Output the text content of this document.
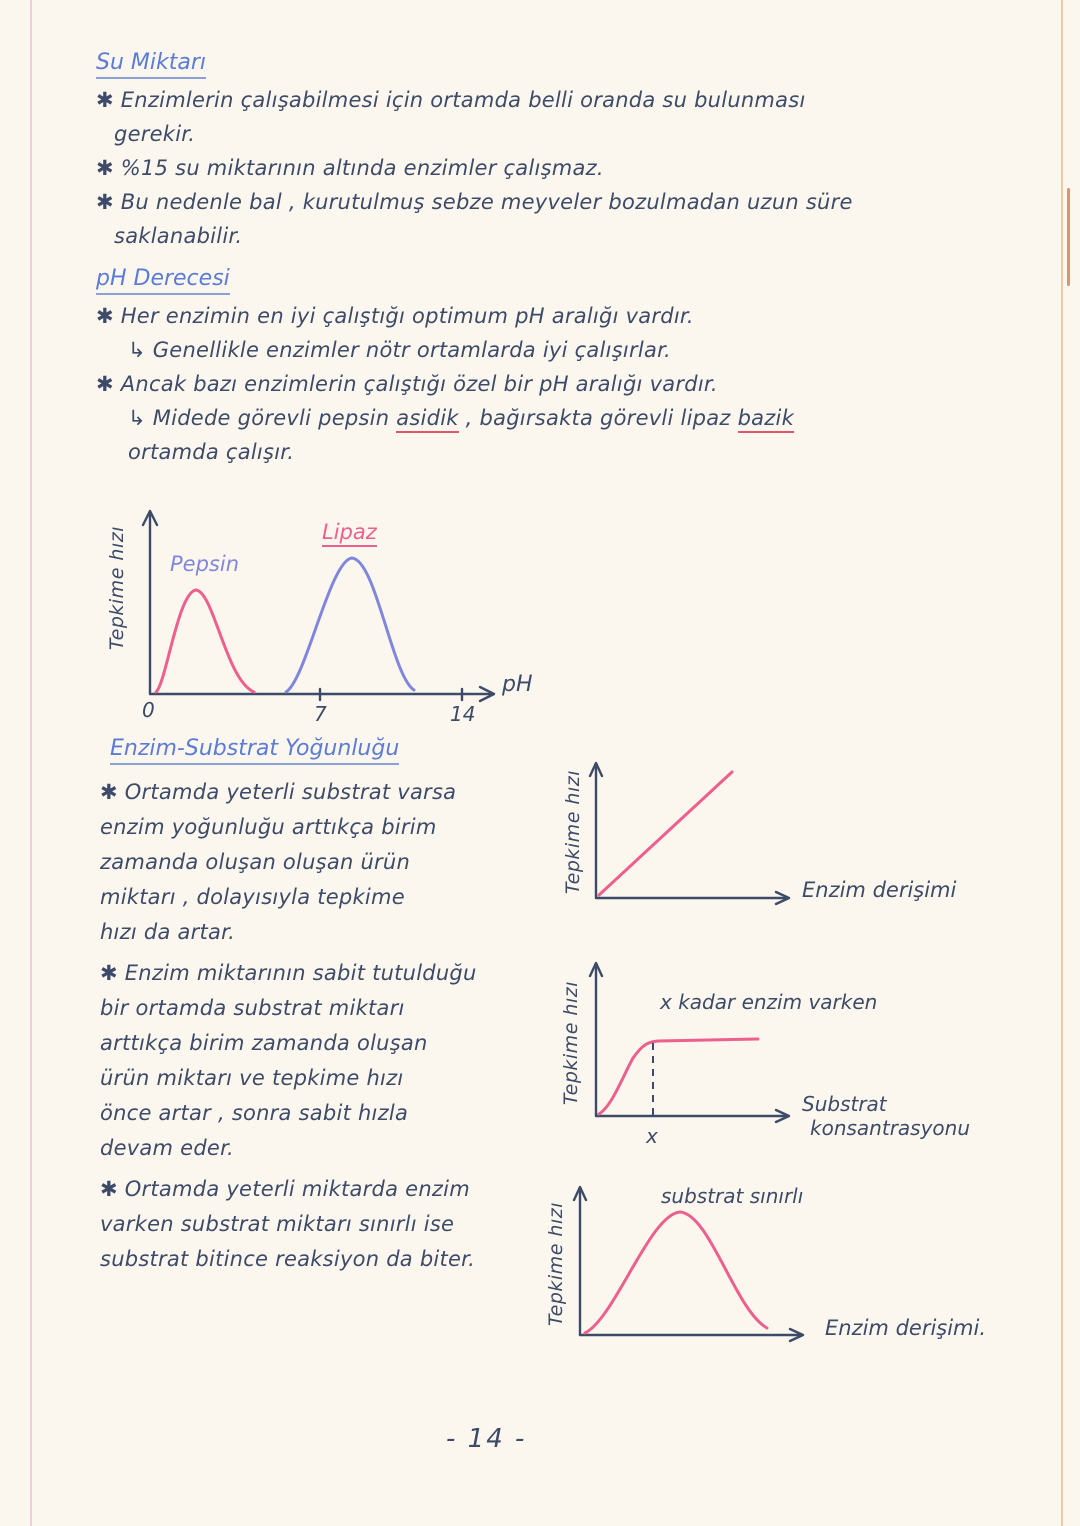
Su Miktarı
✱ Enzimlerin çalışabilmesi için ortamda belli oranda su bulunması
gerekir.
✱ %15 su miktarının altında enzimler çalışmaz.
✱ Bu nedenle bal , kurutulmuş sebze meyveler bozulmadan uzun süre
saklanabilir.
pH Derecesi
✱ Her enzimin en iyi çalıştığı optimum pH aralığı vardır.
↳ Genellikle enzimler nötr ortamlarda iyi çalışırlar.
✱ Ancak bazı enzimlerin çalıştığı özel bir pH aralığı vardır.
↳ Midede görevli pepsin asidik , bağırsakta görevli lipaz bazik
ortamda çalışır.
Tepkime hızı Pepsin
Lipaz
0	7	14
pH
Enzim-Substrat Yoğunluğu
✱ Ortamda yeterli substrat varsa
enzim yoğunluğu arttıkça birim
zamanda oluşan oluşan ürün
miktarı , dolayısıyla tepkime
hızı da artar.
✱ Enzim miktarının sabit tutulduğu
bir ortamda substrat miktarı
arttıkça birim zamanda oluşan
ürün miktarı ve tepkime hızı
önce artar , sonra sabit hızla
devam eder.
✱ Ortamda yeterli miktarda enzim
varken substrat miktarı sınırlı ise
substrat bitince reaksiyon da biter.
Tepkime hızı	Enzim derişimi
Tepkime hızı	x kadar enzim varken
x
Substrat
konsantrasyonu
Tepkime hızı
substrat sınırlı
Enzim derişimi.
- 14 -
